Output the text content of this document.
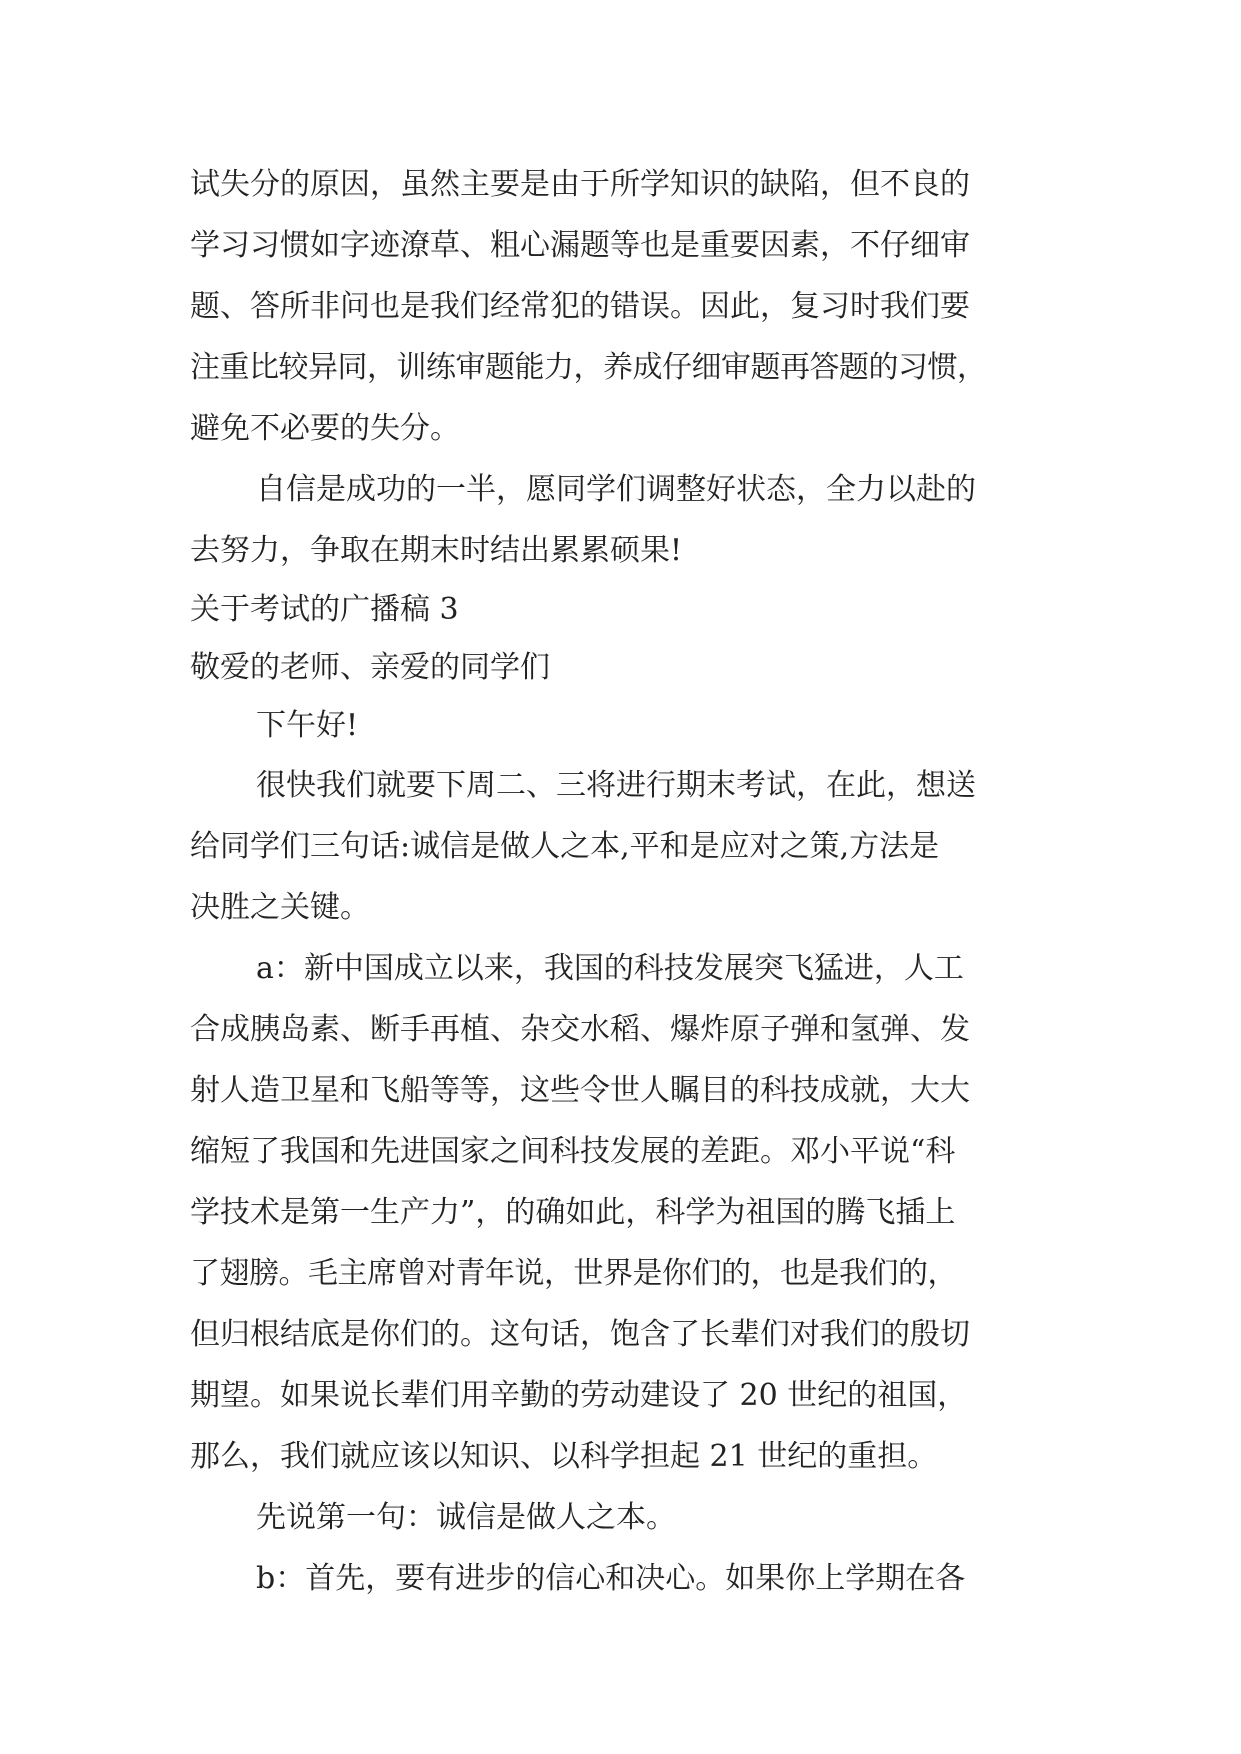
试失分的原因，虽然主要是由于所学知识的缺陷，但不良的
学习习惯如字迹潦草、粗心漏题等也是重要因素，不仔细审
题、答所非问也是我们经常犯的错误。因此，复习时我们要
注重比较异同，训练审题能力，养成仔细审题再答题的习惯，
避免不必要的失分。
自信是成功的一半，愿同学们调整好状态，全力以赴的
去努力，争取在期末时结出累累硕果!
关于考试的广播稿 3
敬爱的老师、亲爱的同学们
下午好!
很快我们就要下周二、三将进行期末考试，在此，想送
给同学们三句话:诚信是做人之本,平和是应对之策,方法是
决胜之关键。
a：新中国成立以来，我国的科技发展突飞猛进，人工
合成胰岛素、断手再植、杂交水稻、爆炸原子弹和氢弹、发
射人造卫星和飞船等等，这些令世人瞩目的科技成就，大大
缩短了我国和先进国家之间科技发展的差距。邓小平说“科
学技术是第一生产力”，的确如此，科学为祖国的腾飞插上
了翅膀。毛主席曾对青年说，世界是你们的，也是我们的，
但归根结底是你们的。这句话，饱含了长辈们对我们的殷切
期望。如果说长辈们用辛勤的劳动建设了 20 世纪的祖国，
那么，我们就应该以知识、以科学担起 21 世纪的重担。
先说第一句：诚信是做人之本。
b：首先，要有进步的信心和决心。如果你上学期在各
